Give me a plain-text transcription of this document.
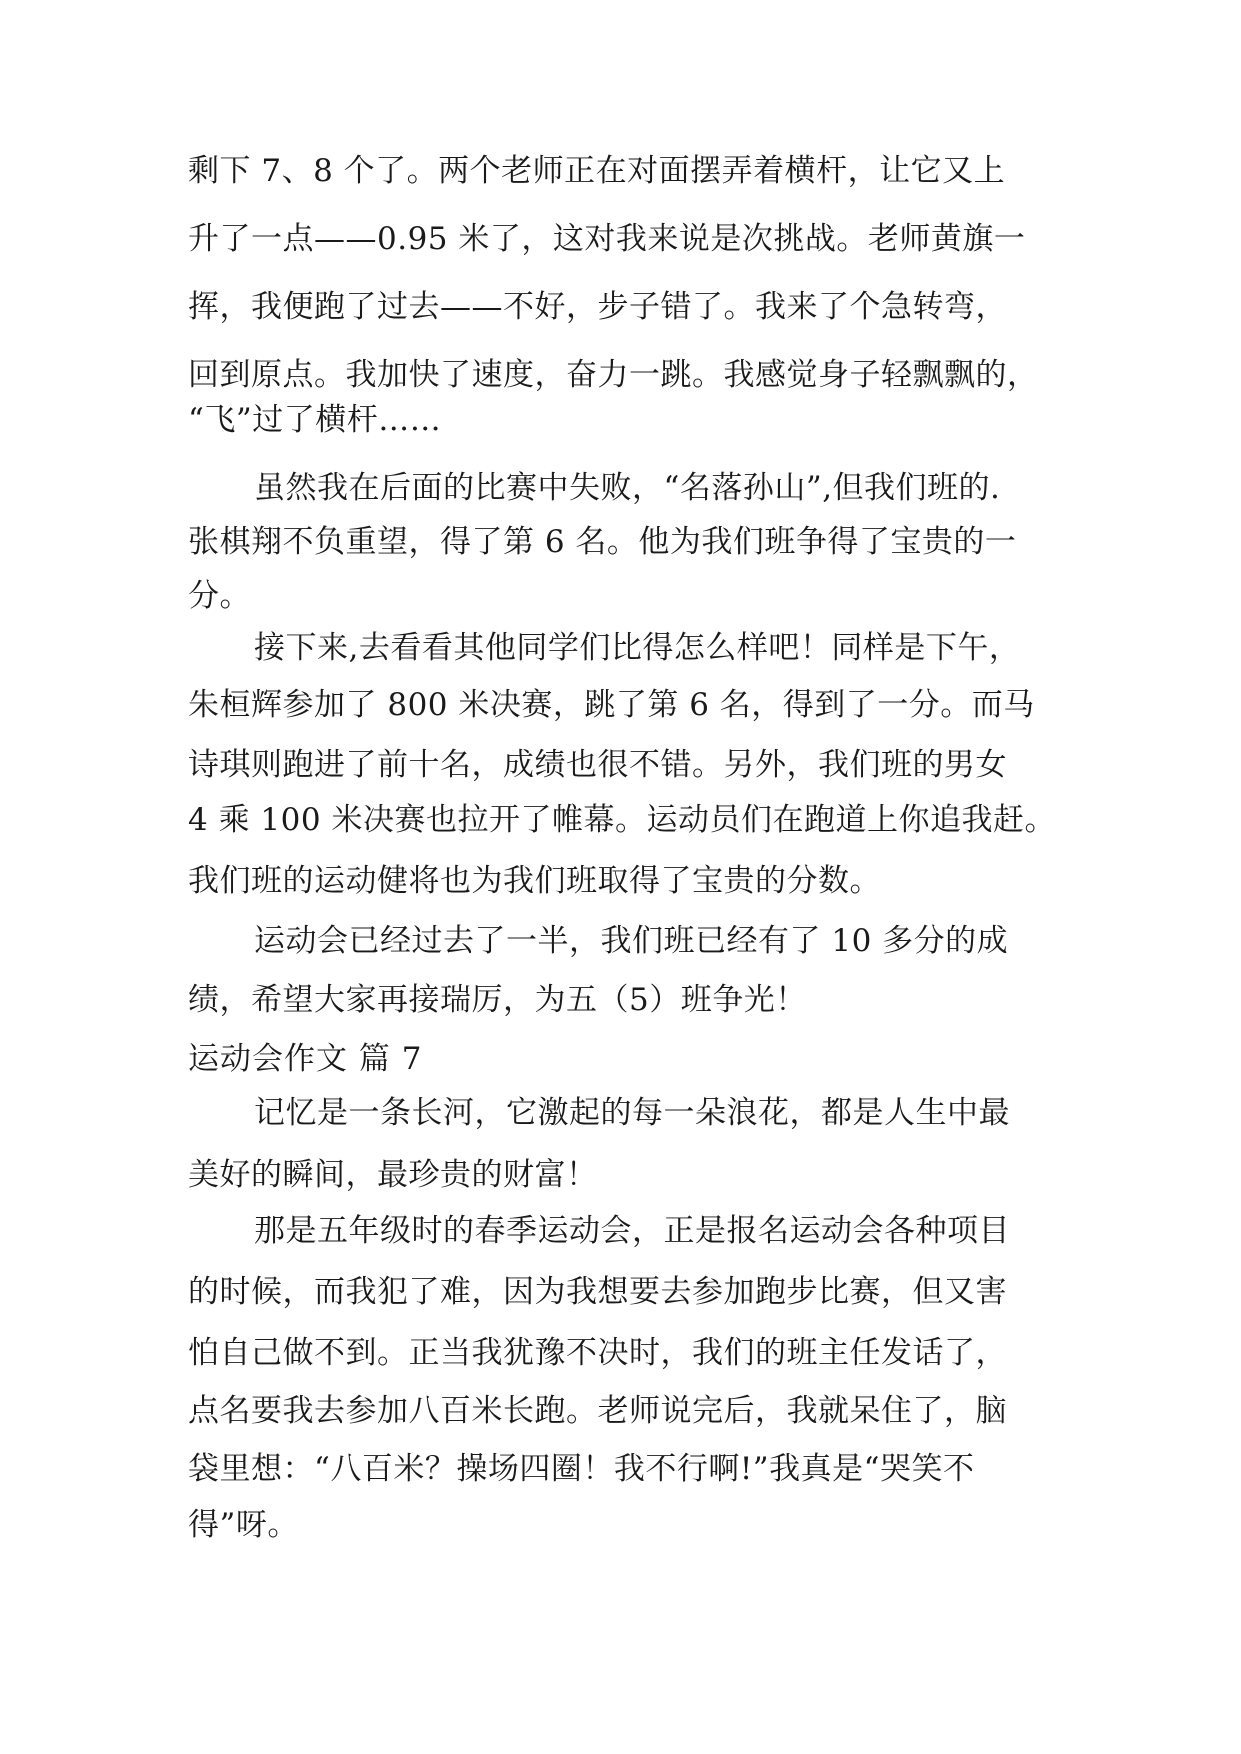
剩下 7、8 个了。两个老师正在对面摆弄着横杆，让它又上
升了一点——0.95 米了，这对我来说是次挑战。老师黄旗一
挥，我便跑了过去——不好，步子错了。我来了个急转弯，
回到原点。我加快了速度，奋力一跳。我感觉身子轻飘飘的，
“飞”过了横杆……
虽然我在后面的比赛中失败，“名落孙山”,但我们班的.
张棋翔不负重望，得了第 6 名。他为我们班争得了宝贵的一
分。
接下来,去看看其他同学们比得怎么样吧！同样是下午，
朱桓辉参加了 800 米决赛，跳了第 6 名，得到了一分。而马
诗琪则跑进了前十名，成绩也很不错。另外，我们班的男女
4 乘 100 米决赛也拉开了帷幕。运动员们在跑道上你追我赶。
我们班的运动健将也为我们班取得了宝贵的分数。
运动会已经过去了一半，我们班已经有了 10 多分的成
绩，希望大家再接瑞厉，为五（5）班争光！
运动会作文 篇 7
记忆是一条长河，它激起的每一朵浪花，都是人生中最
美好的瞬间，最珍贵的财富！
那是五年级时的春季运动会，正是报名运动会各种项目
的时候，而我犯了难，因为我想要去参加跑步比赛，但又害
怕自己做不到。正当我犹豫不决时，我们的班主任发话了，
点名要我去参加八百米长跑。老师说完后，我就呆住了，脑
袋里想：“八百米？操场四圈！我不行啊!”我真是“哭笑不
得”呀。
